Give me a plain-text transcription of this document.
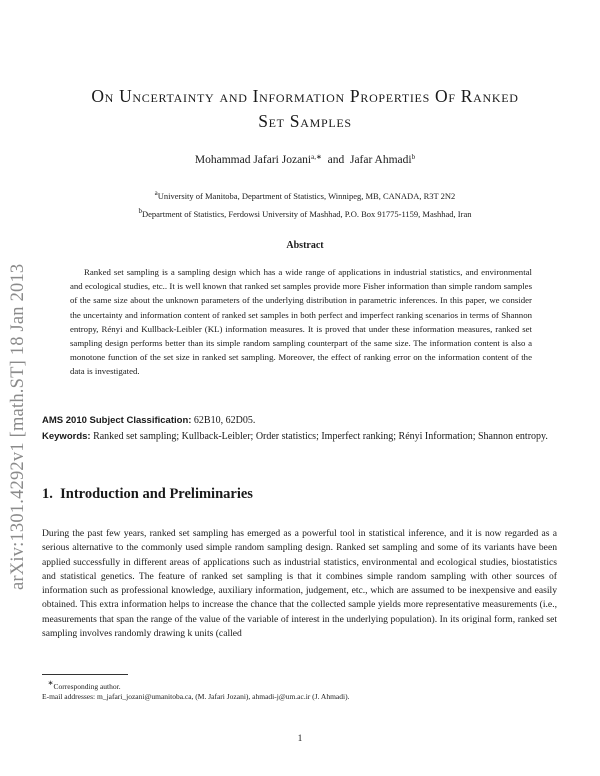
arXiv:1301.4292v1 [math.ST] 18 Jan 2013
On Uncertainty and Information Properties Of Ranked
Set Samples
Mohammad Jafari Jozani$^{a,∗}$ and Jafar Ahmadi$^b$
$^a$University of Manitoba, Department of Statistics, Winnipeg, MB, CANADA, R3T 2N2
$^b$Department of Statistics, Ferdowsi University of Mashhad, P.O. Box 91775-1159, Mashhad, Iran
Abstract
Ranked set sampling is a sampling design which has a wide range of applications in industrial statistics, and environmental and ecological studies, etc.. It is well known that ranked set samples provide more Fisher information than simple random samples of the same size about the unknown parameters of the underlying distribution in parametric inferences. In this paper, we consider the uncertainty and information content of ranked set samples in both perfect and imperfect ranking scenarios in terms of Shannon entropy, Rényi and Kullback-Leibler (KL) information measures. It is proved that under these information measures, ranked set sampling design performs better than its simple random sampling counterpart of the same size. The information content is also a monotone function of the set size in ranked set sampling. Moreover, the effect of ranking error on the information content of the data is investigated.
AMS 2010 Subject Classification: 62B10, 62D05.
Keywords: Ranked set sampling; Kullback-Leibler; Order statistics; Imperfect ranking; Rényi Information; Shannon entropy.
1. Introduction and Preliminaries
During the past few years, ranked set sampling has emerged as a powerful tool in statistical inference, and it is now regarded as a serious alternative to the commonly used simple random sampling design. Ranked set sampling and some of its variants have been applied successfully in different areas of applications such as industrial statistics, environmental and ecological studies, biostatistics and statistical genetics. The feature of ranked set sampling is that it combines simple random sampling with other sources of information such as professional knowledge, auxiliary information, judgement, etc., which are assumed to be inexpensive and easily obtained. This extra information helps to increase the chance that the collected sample yields more representative measurements (i.e., measurements that span the range of the value of the variable of interest in the underlying population). In its original form, ranked set sampling involves randomly drawing k units (called
∗Corresponding author.
E-mail addresses: m_jafari_jozani@umanitoba.ca, (M. Jafari Jozani), ahmadi-j@um.ac.ir (J. Ahmadi).
1
